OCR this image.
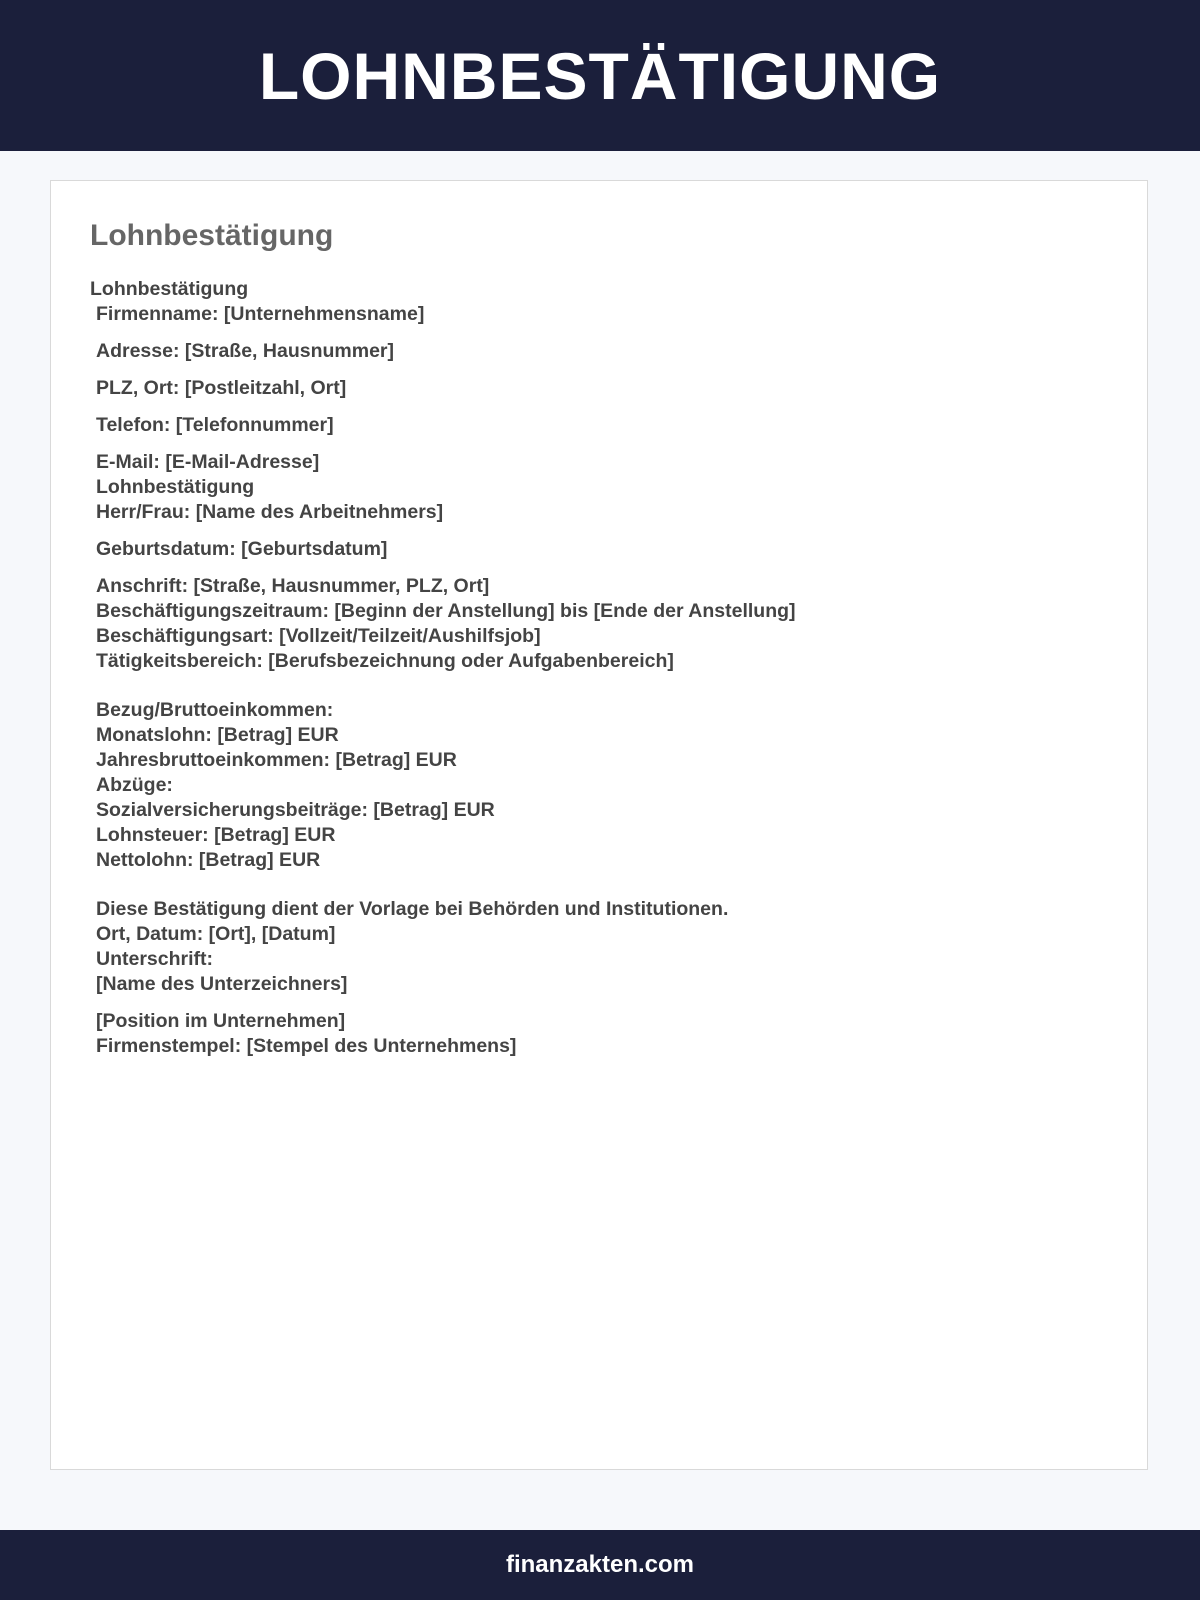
LOHNBESTÄTIGUNG
Lohnbestätigung
Lohnbestätigung
Firmenname: [Unternehmensname]
Adresse: [Straße, Hausnummer]
PLZ, Ort: [Postleitzahl, Ort]
Telefon: [Telefonnummer]
E-Mail: [E-Mail-Adresse]
Lohnbestätigung
Herr/Frau: [Name des Arbeitnehmers]
Geburtsdatum: [Geburtsdatum]
Anschrift: [Straße, Hausnummer, PLZ, Ort]
Beschäftigungszeitraum: [Beginn der Anstellung] bis [Ende der Anstellung]
Beschäftigungsart: [Vollzeit/Teilzeit/Aushilfsjob]
Tätigkeitsbereich: [Berufsbezeichnung oder Aufgabenbereich]
Bezug/Bruttoeinkommen:
Monatslohn: [Betrag] EUR
Jahresbruttoeinkommen: [Betrag] EUR
Abzüge:
Sozialversicherungsbeiträge: [Betrag] EUR
Lohnsteuer: [Betrag] EUR
Nettolohn: [Betrag] EUR
Diese Bestätigung dient der Vorlage bei Behörden und Institutionen.
Ort, Datum: [Ort], [Datum]
Unterschrift:
[Name des Unterzeichners]
[Position im Unternehmen]
Firmenstempel: [Stempel des Unternehmens]
finanzakten.com
